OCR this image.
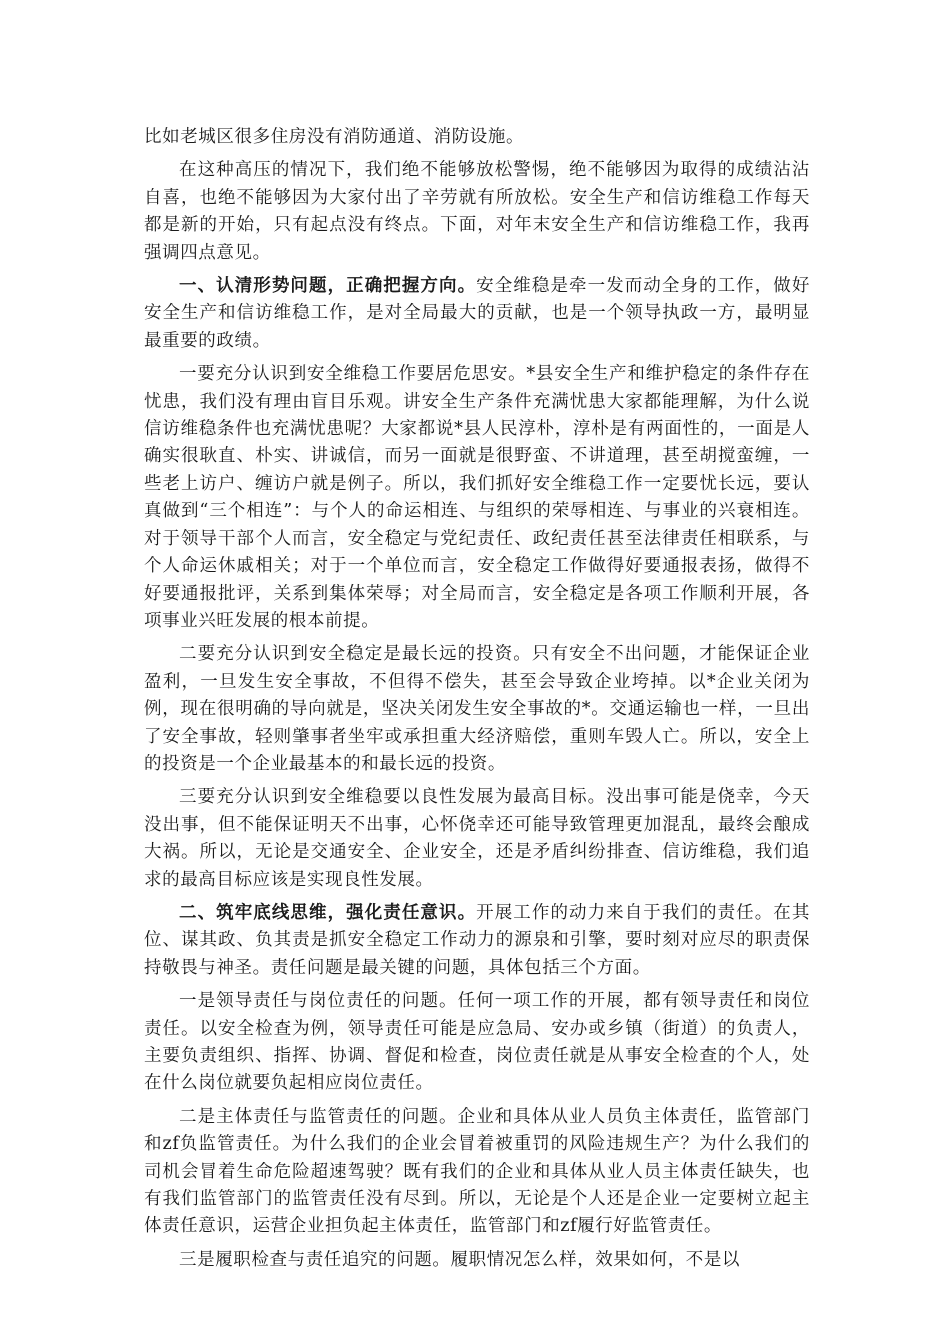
比如老城区很多住房没有消防通道、消防设施。

在这种高压的情况下，我们绝不能够放松警惕，绝不能够因为取得的成绩沾沾自喜，也绝不能够因为大家付出了辛劳就有所放松。安全生产和信访维稳工作每天都是新的开始，只有起点没有终点。下面，对年末安全生产和信访维稳工作，我再强调四点意见。

一、认清形势问题，正确把握方向。安全维稳是牵一发而动全身的工作，做好安全生产和信访维稳工作，是对全局最大的贡献，也是一个领导执政一方，最明显最重要的政绩。

一要充分认识到安全维稳工作要居危思安。*县安全生产和维护稳定的条件存在忧患，我们没有理由盲目乐观。讲安全生产条件充满忧患大家都能理解，为什么说信访维稳条件也充满忧患呢？大家都说*县人民淳朴，淳朴是有两面性的，一面是人确实很耿直、朴实、讲诚信，而另一面就是很野蛮、不讲道理，甚至胡搅蛮缠，一些老上访户、缠访户就是例子。所以，我们抓好安全维稳工作一定要忧长远，要认真做到“三个相连”：与个人的命运相连、与组织的荣辱相连、与事业的兴衰相连。对于领导干部个人而言，安全稳定与党纪责任、政纪责任甚至法律责任相联系，与个人命运休戚相关；对于一个单位而言，安全稳定工作做得好要通报表扬，做得不好要通报批评，关系到集体荣辱；对全局而言，安全稳定是各项工作顺利开展，各项事业兴旺发展的根本前提。

二要充分认识到安全稳定是最长远的投资。只有安全不出问题，才能保证企业盈利，一旦发生安全事故，不但得不偿失，甚至会导致企业垮掉。以*企业关闭为例，现在很明确的导向就是，坚决关闭发生安全事故的*。交通运输也一样，一旦出了安全事故，轻则肇事者坐牢或承担重大经济赔偿，重则车毁人亡。所以，安全上的投资是一个企业最基本的和最长远的投资。

三要充分认识到安全维稳要以良性发展为最高目标。没出事可能是侥幸，今天没出事，但不能保证明天不出事，心怀侥幸还可能导致管理更加混乱，最终会酿成大祸。所以，无论是交通安全、企业安全，还是矛盾纠纷排查、信访维稳，我们追求的最高目标应该是实现良性发展。

二、筑牢底线思维，强化责任意识。开展工作的动力来自于我们的责任。在其位、谋其政、负其责是抓安全稳定工作动力的源泉和引擎，要时刻对应尽的职责保持敬畏与神圣。责任问题是最关键的问题，具体包括三个方面。

一是领导责任与岗位责任的问题。任何一项工作的开展，都有领导责任和岗位责任。以安全检查为例，领导责任可能是应急局、安办或乡镇（街道）的负责人，主要负责组织、指挥、协调、督促和检查，岗位责任就是从事安全检查的个人，处在什么岗位就要负起相应岗位责任。

二是主体责任与监管责任的问题。企业和具体从业人员负主体责任，监管部门和zf负监管责任。为什么我们的企业会冒着被重罚的风险违规生产？为什么我们的司机会冒着生命危险超速驾驶？既有我们的企业和具体从业人员主体责任缺失，也有我们监管部门的监管责任没有尽到。所以，无论是个人还是企业一定要树立起主体责任意识，运营企业担负起主体责任，监管部门和zf履行好监管责任。

三是履职检查与责任追究的问题。履职情况怎么样，效果如何，不是以
